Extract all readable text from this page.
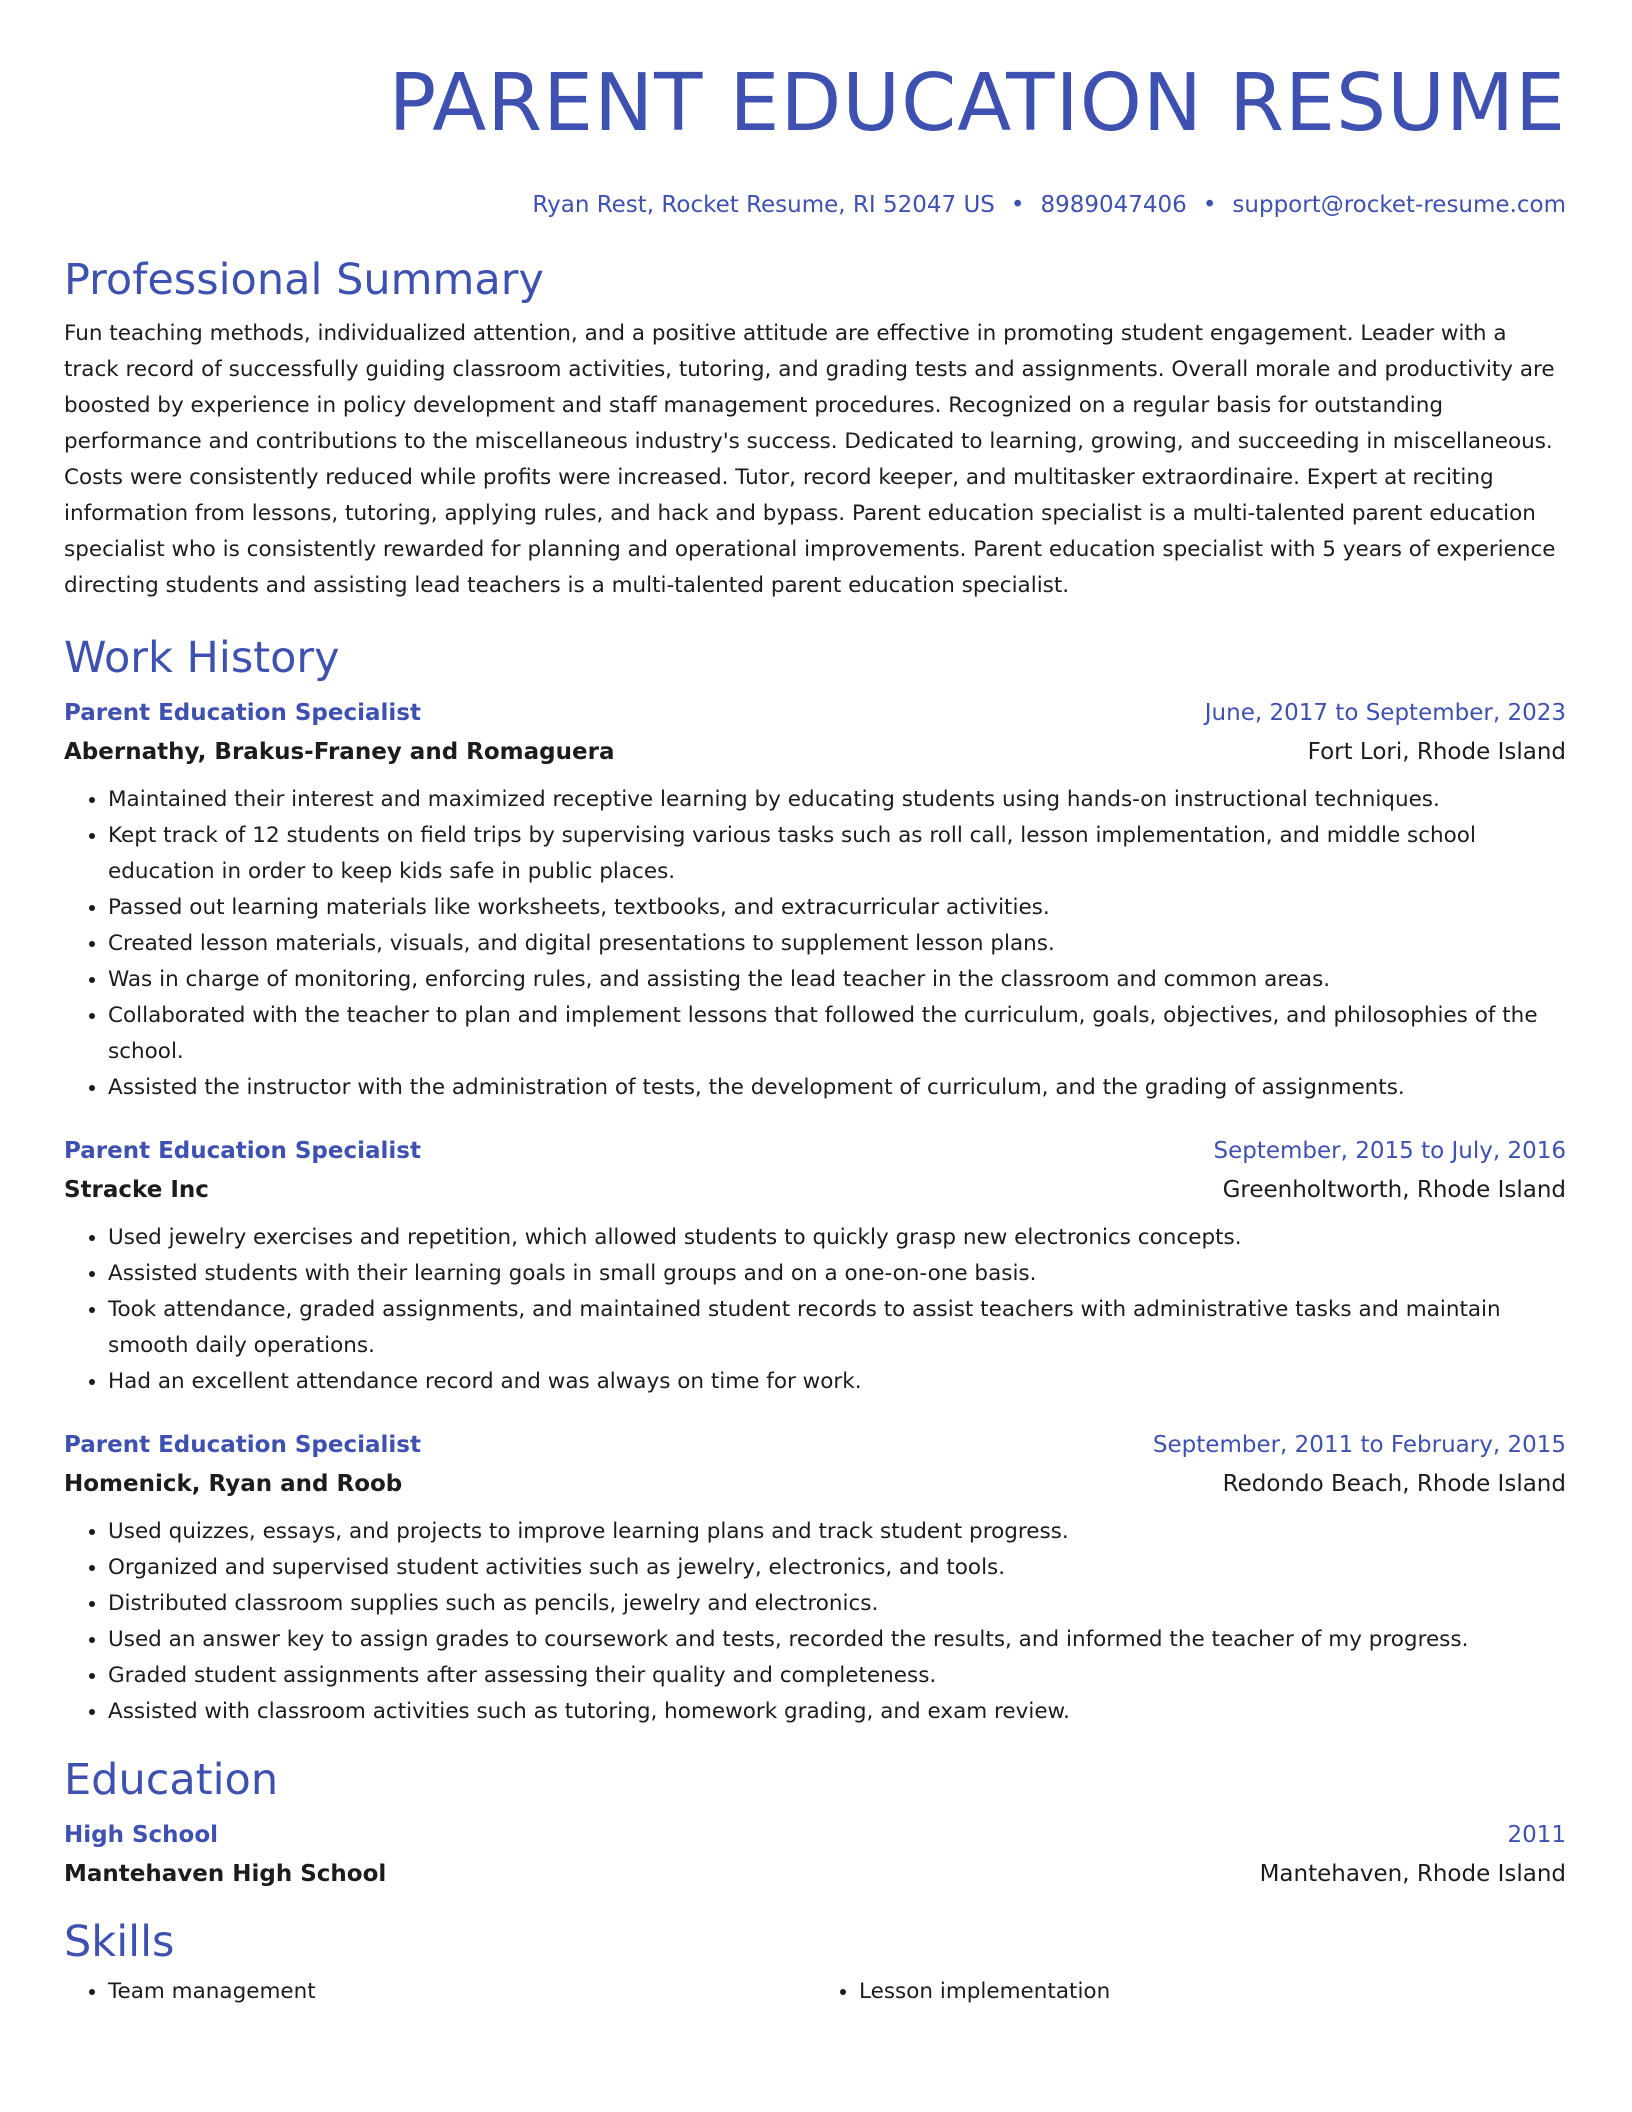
PARENT EDUCATION RESUME
Ryan Rest, Rocket Resume, RI 52047 US • 8989047406 • support@rocket-resume.com
Professional Summary

Fun teaching methods, individualized attention, and a positive attitude are effective in promoting student engagement. Leader with a track record of successfully guiding classroom activities, tutoring, and grading tests and assignments. Overall morale and productivity are boosted by experience in policy development and staff management procedures. Recognized on a regular basis for outstanding performance and contributions to the miscellaneous industry's success. Dedicated to learning, growing, and succeeding in miscellaneous. Costs were consistently reduced while profits were increased. Tutor, record keeper, and multitasker extraordinaire. Expert at reciting information from lessons, tutoring, applying rules, and hack and bypass. Parent education specialist is a multi-talented parent education specialist who is consistently rewarded for planning and operational improvements. Parent education specialist with 5 years of experience directing students and assisting lead teachers is a multi-talented parent education specialist.

Work History
Parent Education Specialist	June, 2017 to September, 2023
Abernathy, Brakus-Franey and Romaguera	Fort Lori, Rhode Island
• Maintained their interest and maximized receptive learning by educating students using hands-on instructional techniques.
• Kept track of 12 students on field trips by supervising various tasks such as roll call, lesson implementation, and middle school education in order to keep kids safe in public places.
• Passed out learning materials like worksheets, textbooks, and extracurricular activities.
• Created lesson materials, visuals, and digital presentations to supplement lesson plans.
• Was in charge of monitoring, enforcing rules, and assisting the lead teacher in the classroom and common areas.
• Collaborated with the teacher to plan and implement lessons that followed the curriculum, goals, objectives, and philosophies of the school.
• Assisted the instructor with the administration of tests, the development of curriculum, and the grading of assignments.
Parent Education Specialist	September, 2015 to July, 2016
Stracke Inc	Greenholtworth, Rhode Island
• Used jewelry exercises and repetition, which allowed students to quickly grasp new electronics concepts.
• Assisted students with their learning goals in small groups and on a one-on-one basis.
• Took attendance, graded assignments, and maintained student records to assist teachers with administrative tasks and maintain smooth daily operations.
• Had an excellent attendance record and was always on time for work.
Parent Education Specialist	September, 2011 to February, 2015
Homenick, Ryan and Roob	Redondo Beach, Rhode Island
• Used quizzes, essays, and projects to improve learning plans and track student progress.
• Organized and supervised student activities such as jewelry, electronics, and tools.
• Distributed classroom supplies such as pencils, jewelry and electronics.
• Used an answer key to assign grades to coursework and tests, recorded the results, and informed the teacher of my progress.
• Graded student assignments after assessing their quality and completeness.
• Assisted with classroom activities such as tutoring, homework grading, and exam review.
Education
High School	2011
Mantehaven High School	Mantehaven, Rhode Island
Skills
• Team management
•	Lesson implementation
